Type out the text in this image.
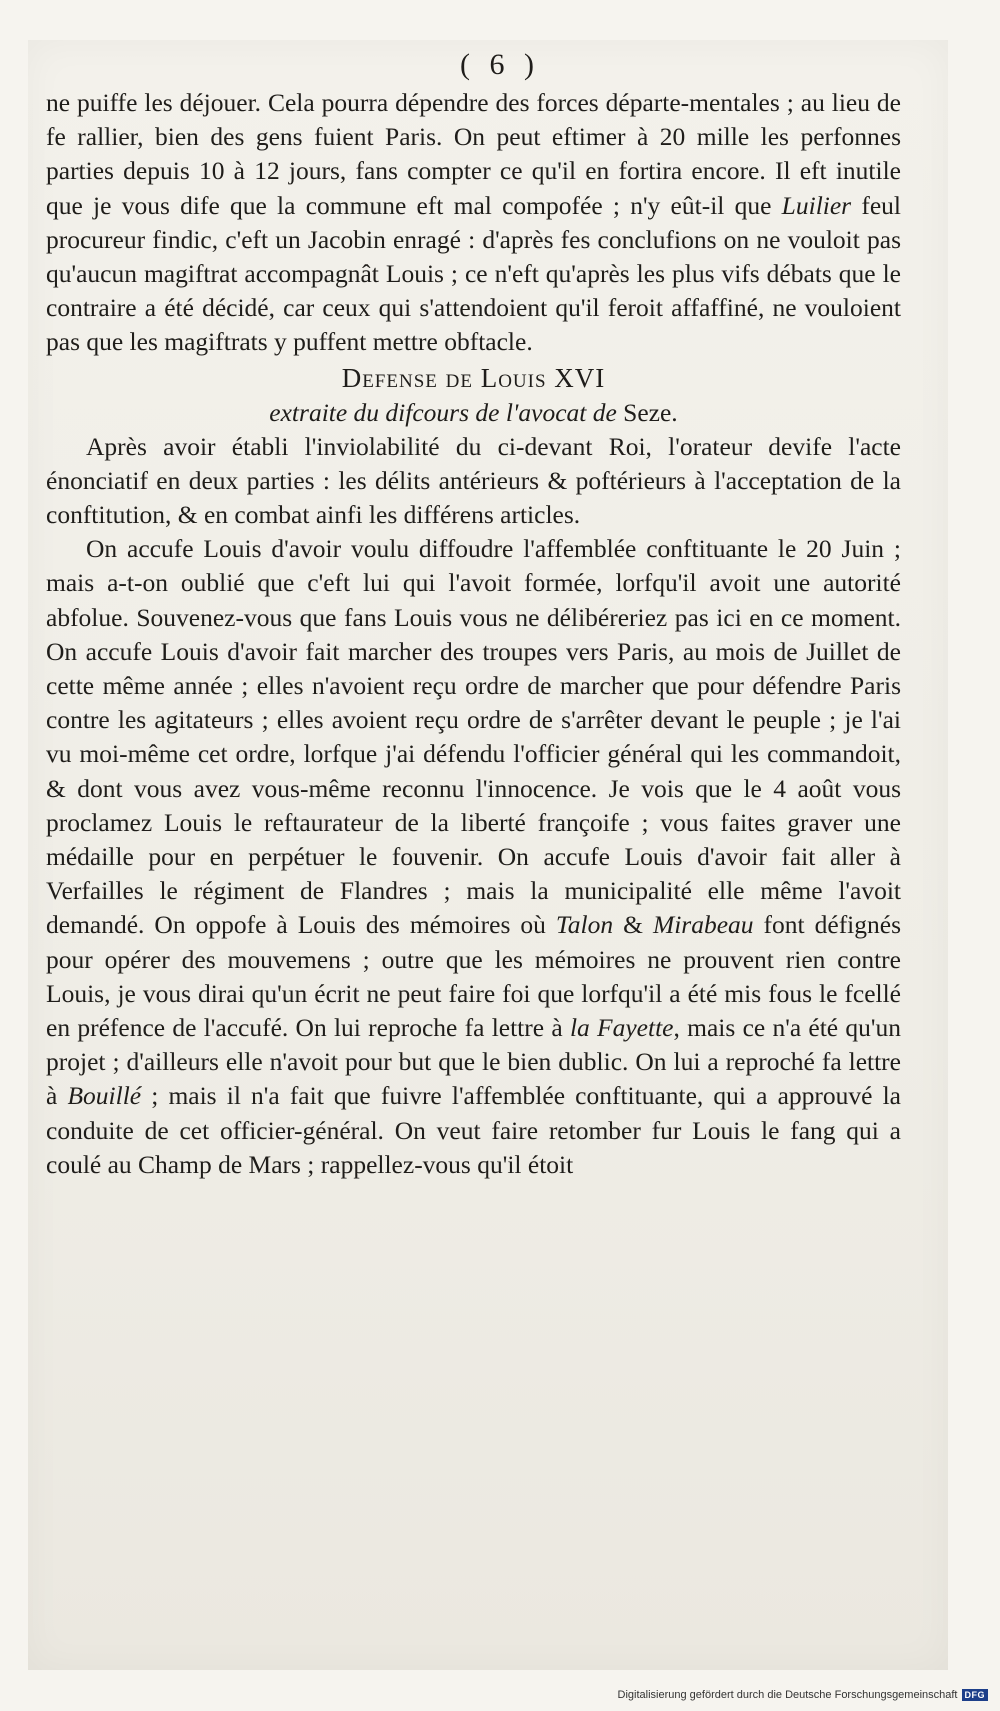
( 6 )

ne puiffe les déjouer. Cela pourra dépendre des forces départe-mentales ; au lieu de fe rallier, bien des gens fuient Paris. On peut eftimer à 20 mille les perfonnes parties depuis 10 à 12 jours, fans compter ce qu'il en fortira encore. Il eft inutile que je vous dife que la commune eft mal compofée ; n'y eût-il que Luilier feul procureur findic, c'eft un Jacobin enragé : d'après fes conclufions on ne vouloit pas qu'aucun magiftrat accompagnât Louis ; ce n'eft qu'après les plus vifs débats que le contraire a été décidé, car ceux qui s'attendoient qu'il feroit affaffiné, ne vouloient pas que les magiftrats y puffent mettre obftacle.

Defense de Louis XVI

extraite du difcours de l'avocat de Seze.

Après avoir établi l'inviolabilité du ci-devant Roi, l'orateur devife l'acte énonciatif en deux parties : les délits antérieurs & poftérieurs à l'acceptation de la conftitution, & en combat ainfi les différens articles.

On accufe Louis d'avoir voulu diffoudre l'affemblée conftituante le 20 Juin ; mais a-t-on oublié que c'eft lui qui l'avoit formée, lorfqu'il avoit une autorité abfolue. Souvenez-vous que fans Louis vous ne délibéreriez pas ici en ce moment. On accufe Louis d'avoir fait marcher des troupes vers Paris, au mois de Juillet de cette même année ; elles n'avoient reçu ordre de marcher que pour défendre Paris contre les agitateurs ; elles avoient reçu ordre de s'arrêter devant le peuple ; je l'ai vu moi-même cet ordre, lorfque j'ai défendu l'officier général qui les commandoit, & dont vous avez vous-même reconnu l'innocence. Je vois que le 4 août vous proclamez Louis le reftaurateur de la liberté françoife ; vous faites graver une médaille pour en perpétuer le fouvenir. On accufe Louis d'avoir fait aller à Verfailles le régiment de Flandres ; mais la municipalité elle même l'avoit demandé. On oppofe à Louis des mémoires où Talon & Mirabeau font défignés pour opérer des mouvemens ; outre que les mémoires ne prouvent rien contre Louis, je vous dirai qu'un écrit ne peut faire foi que lorfqu'il a été mis fous le fcellé en préfence de l'accufé. On lui reproche fa lettre à la Fayette, mais ce n'a été qu'un projet ; d'ailleurs elle n'avoit pour but que le bien dublic. On lui a reproché fa lettre à Bouillé ; mais il n'a fait que fuivre l'affemblée conftituante, qui a approuvé la conduite de cet officier-général. On veut faire retomber fur Louis le fang qui a coulé au Champ de Mars ; rappellez-vous qu'il étoit

Digitalisierung gefördert durch die Deutsche Forschungsgemeinschaft DFG
